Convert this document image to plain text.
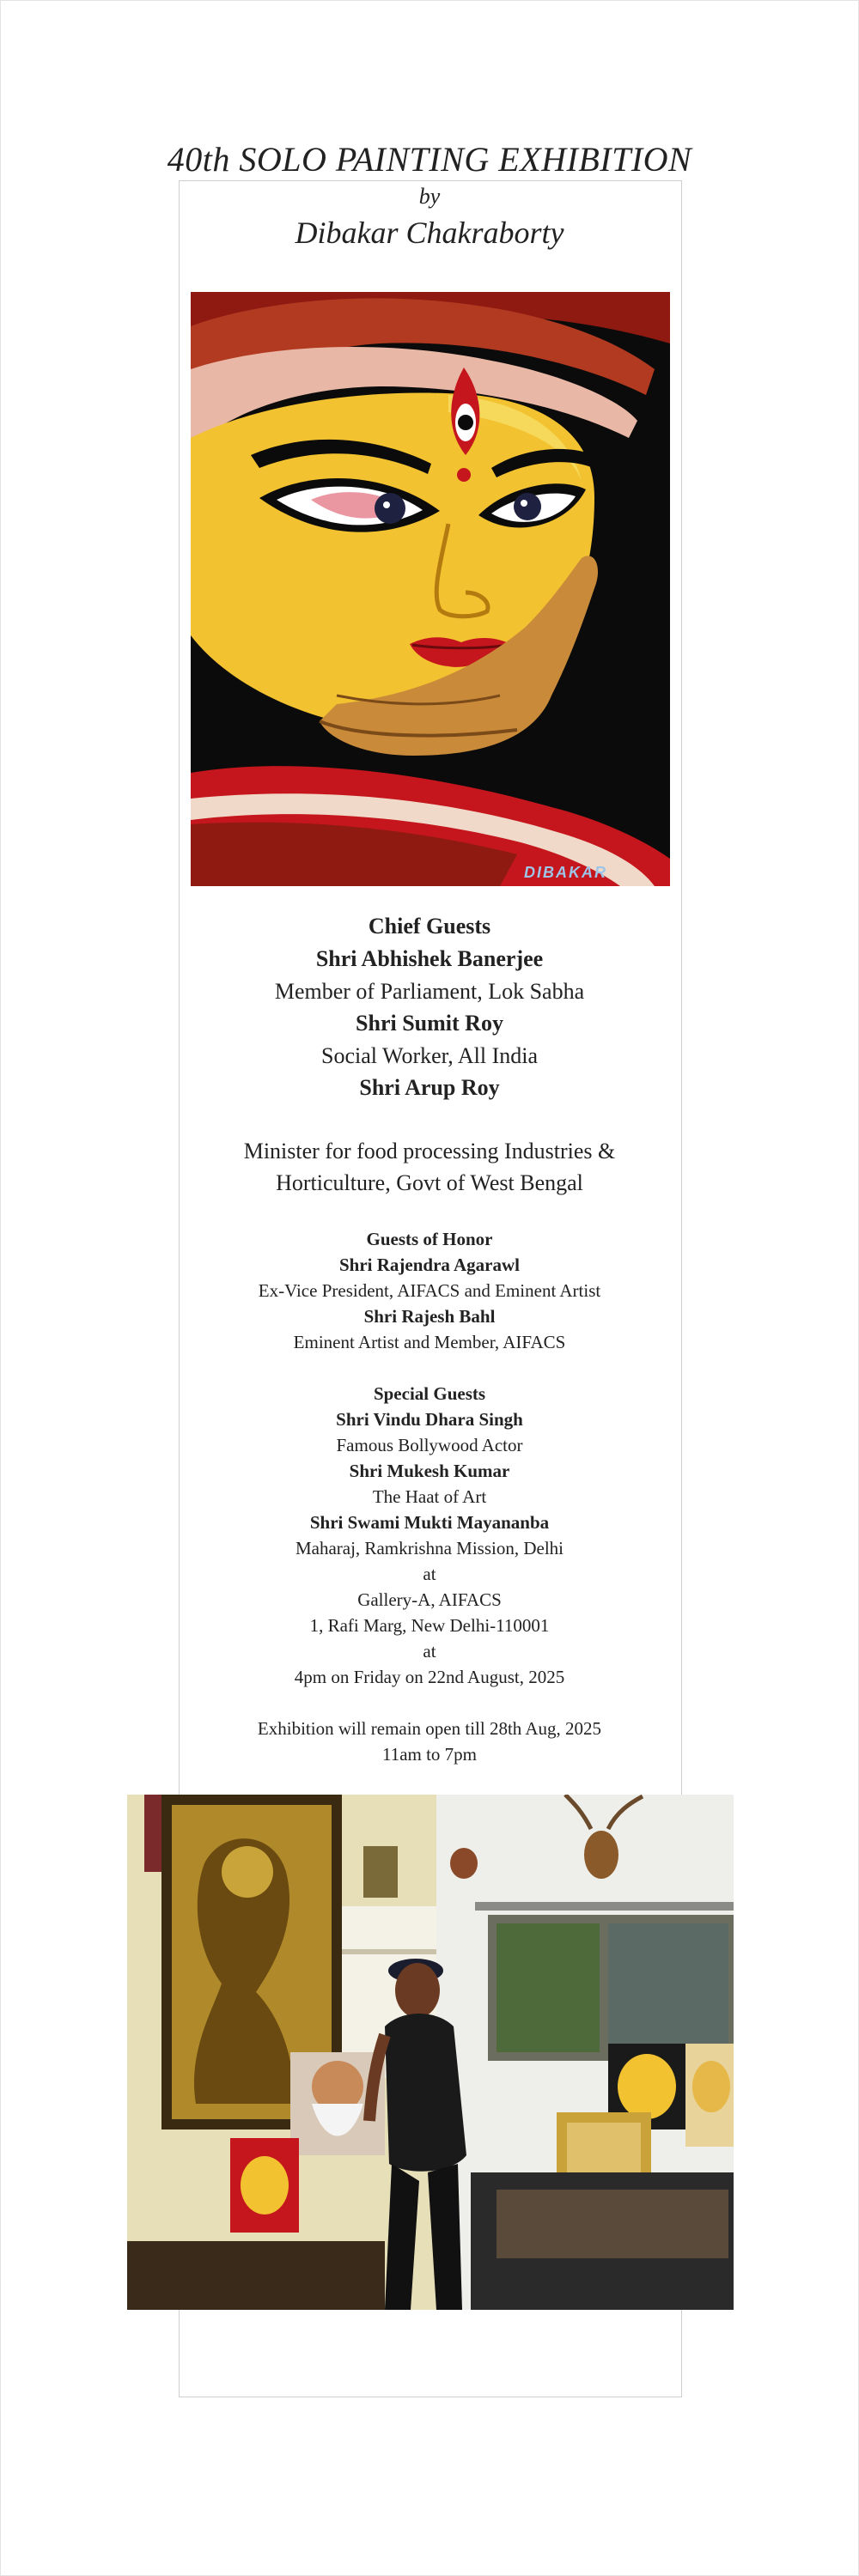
40th SOLO PAINTING EXHIBITION
by
Dibakar Chakraborty
DIBAKAR
Chief Guests
Shri Abhishek Banerjee
Member of Parliament, Lok Sabha
Shri Sumit Roy
Social Worker, All India
Shri Arup Roy
Minister for food processing Industries &
Horticulture, Govt of West Bengal
Guests of Honor
Shri Rajendra Agarawl
Ex-Vice President, AIFACS and Eminent Artist
Shri Rajesh Bahl
Eminent Artist and Member, AIFACS
Special Guests
Shri Vindu Dhara Singh
Famous Bollywood Actor
Shri Mukesh Kumar
The Haat of Art
Shri Swami Mukti Mayananba
Maharaj, Ramkrishna Mission, Delhi
at
Gallery-A, AIFACS
1, Rafi Marg, New Delhi-110001
at
4pm on Friday on 22nd August, 2025
Exhibition will remain open till 28th Aug, 2025
11am to 7pm
